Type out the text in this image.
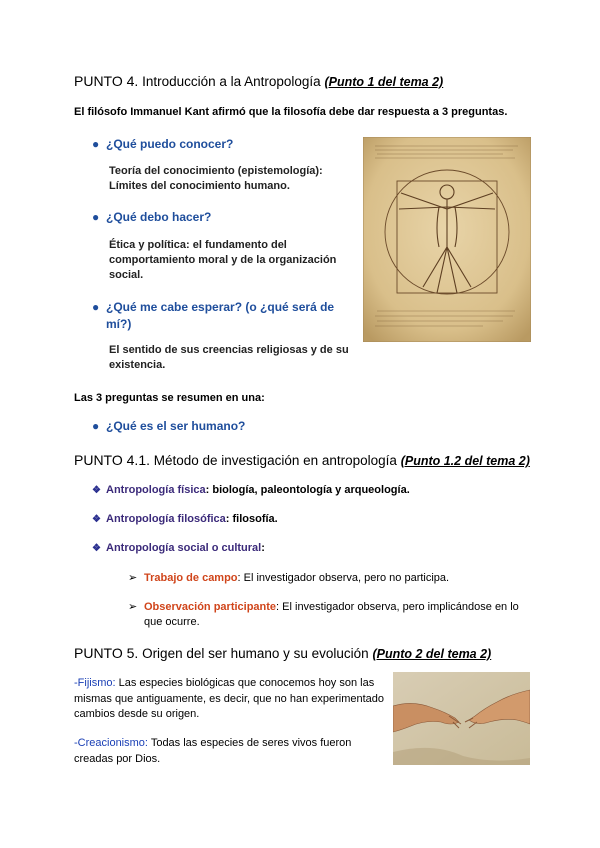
PUNTO 4. Introducción a la Antropología (Punto 1 del tema 2)
El filósofo Immanuel Kant afirmó que la filosofía debe dar respuesta a 3 preguntas.
● ¿Qué puedo conocer?
Teoría del conocimiento (epistemología):
Límites del conocimiento humano.
● ¿Qué debo hacer?
Ética y política: el fundamento del
comportamiento moral y de la organización
social.
● ¿Qué me cabe esperar? (o ¿qué será de
mí?)
El sentido de sus creencias religiosas y de su
existencia.
Las 3 preguntas se resumen en una:
● ¿Qué es el ser humano?
PUNTO 4.1. Método de investigación en antropología (Punto 1.2 del tema 2)
❖ Antropología física: biología, paleontología y arqueología.
❖ Antropología filosófica: filosofía.
❖ Antropología social o cultural:
➢ Trabajo de campo: El investigador observa, pero no participa.
➢ Observación participante: El investigador observa, pero implicándose en lo
que ocurre.
PUNTO 5. Origen del ser humano y su evolución (Punto 2 del tema 2)
-Fijismo: Las especies biológicas que conocemos hoy son las
mismas que antiguamente, es decir, que no han experimentado
cambios desde su origen.
-Creacionismo: Todas las especies de seres vivos fueron
creadas por Dios.
